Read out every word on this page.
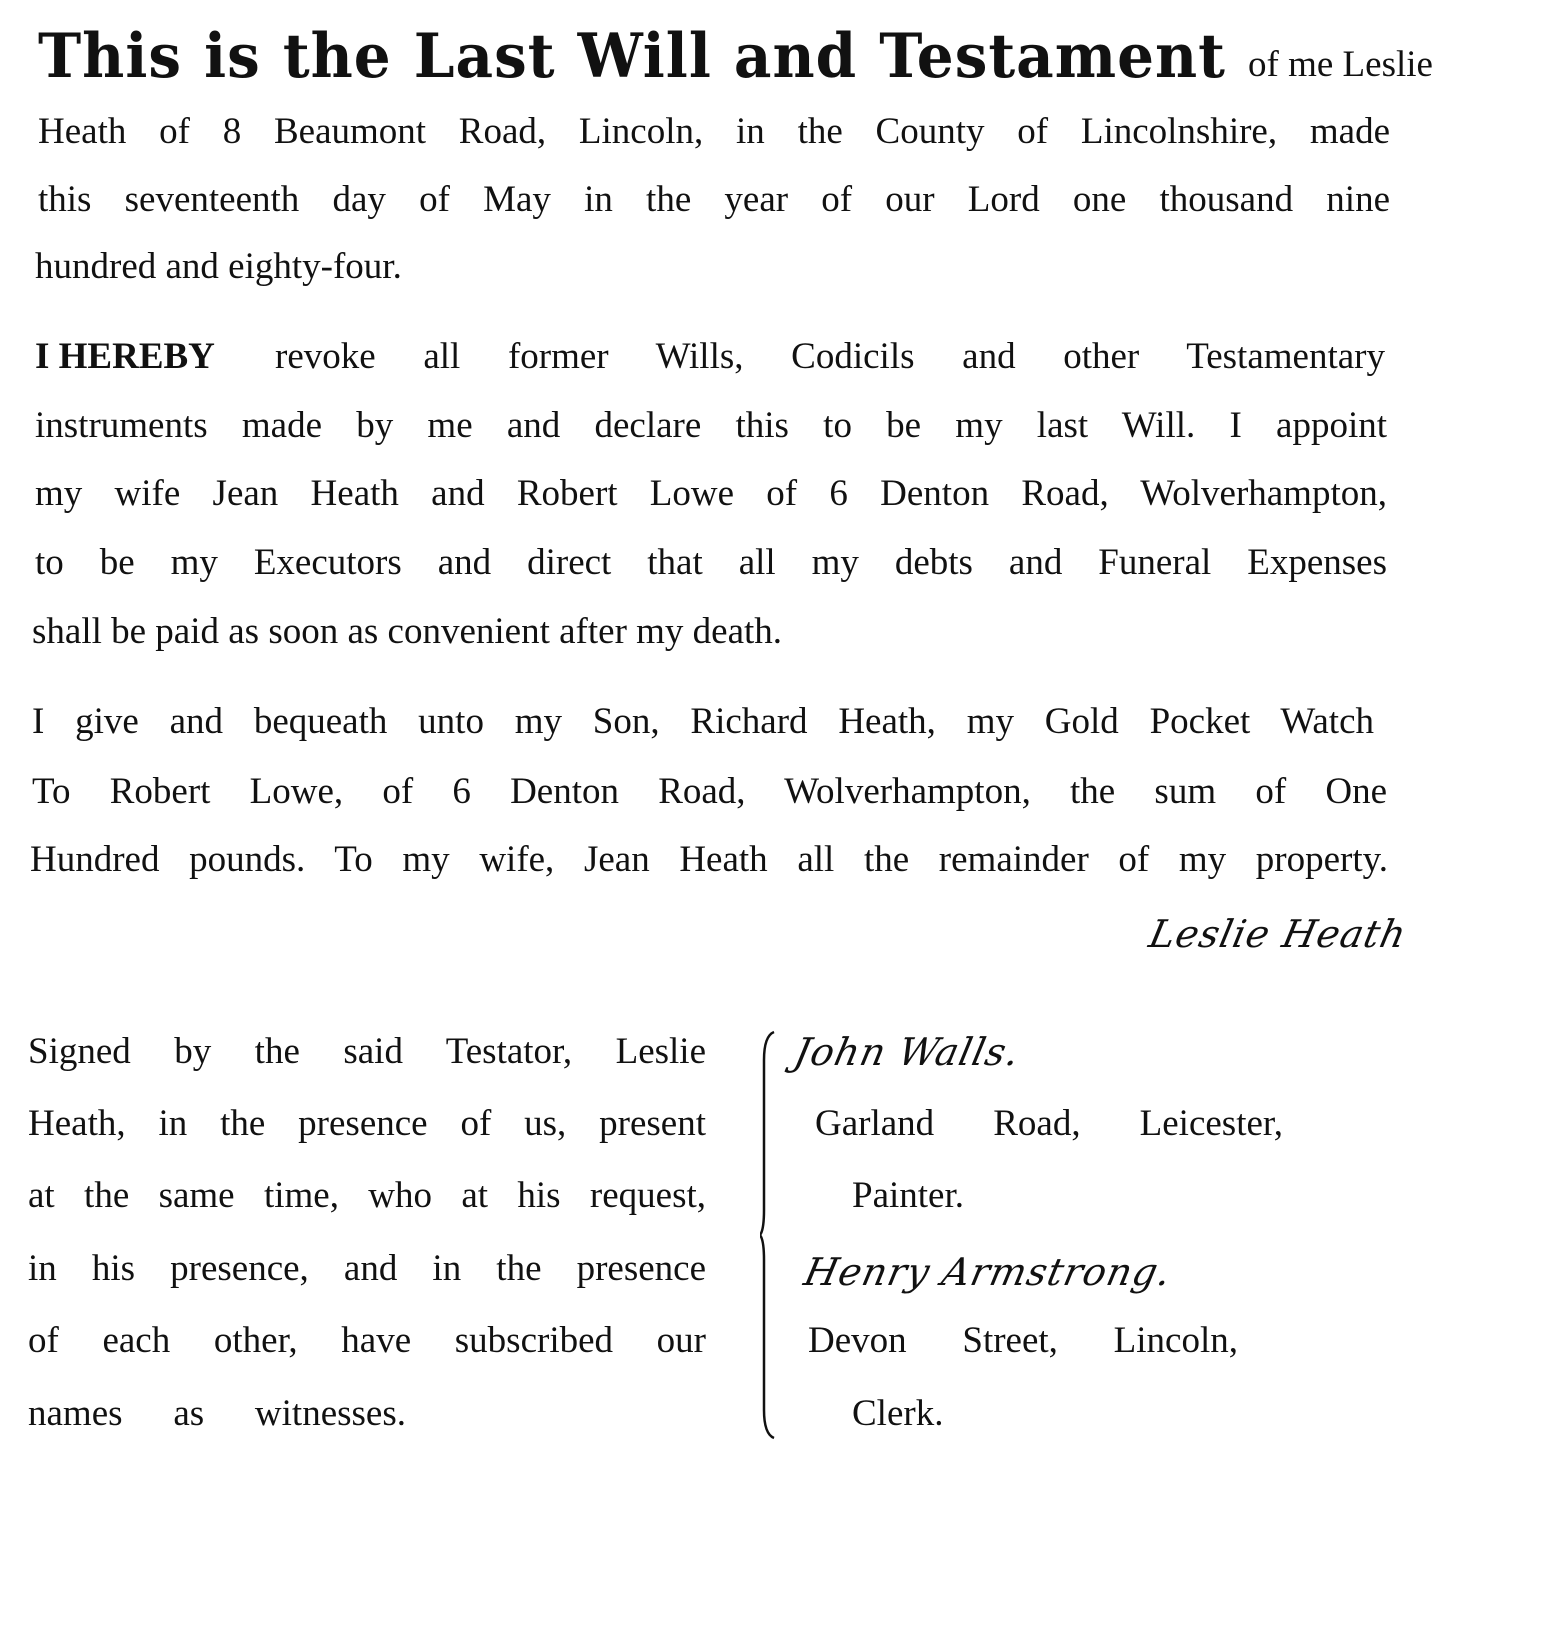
This is the Last Will and Testament of me Leslie
Heath of 8 Beaumont Road, Lincoln, in the County of Lincolnshire, made
this seventeenth day of May in the year of our Lord one thousand nine
hundred and eighty-four.
I HEREBY revoke all former Wills, Codicils and other Testamentary
instruments made by me and declare this to be my last Will. I appoint
my wife Jean Heath and Robert Lowe of 6 Denton Road, Wolverhampton,
to be my Executors and direct that all my debts and Funeral Expenses
shall be paid as soon as convenient after my death.
I give and bequeath unto my Son, Richard Heath, my Gold Pocket Watch
To Robert Lowe, of 6 Denton Road, Wolverhampton, the sum of One
Hundred pounds. To my wife, Jean Heath all the remainder of my property.
Leslie Heath
Signed by the said Testator, Leslie
Heath, in the presence of us, present
at the same time, who at his request,
in his presence, and in the presence
of each other, have subscribed our
names as witnesses.
John Walls.
Garland Road, Leicester,
Painter.
Henry Armstrong.
Devon Street, Lincoln,
Clerk.
